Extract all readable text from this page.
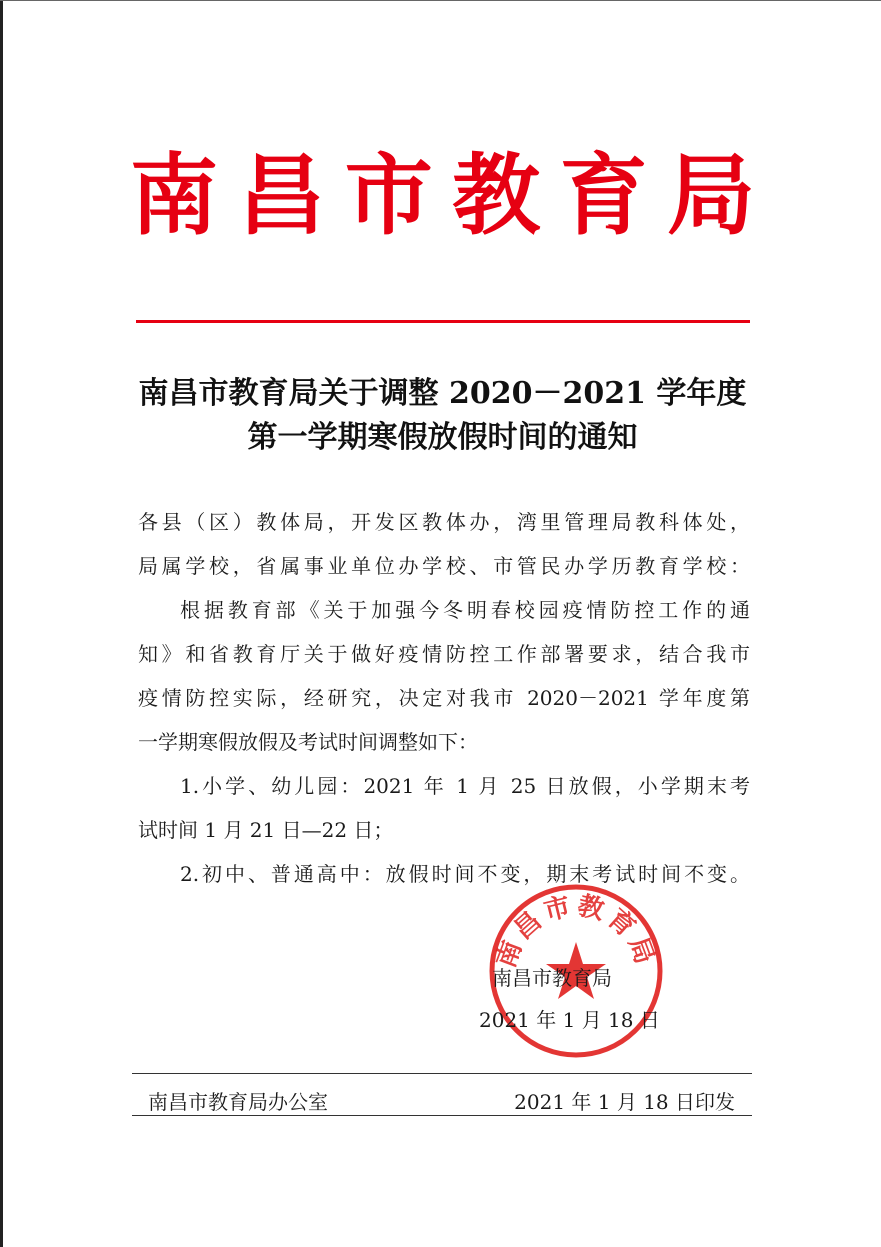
南昌市教育局
南昌市教育局关于调整 2020－2021 学年度
第一学期寒假放假时间的通知
各县（区）教体局，开发区教体办，湾里管理局教科体处，
局属学校，省属事业单位办学校、市管民办学历教育学校：
根据教育部《关于加强今冬明春校园疫情防控工作的通
知》和省教育厅关于做好疫情防控工作部署要求，结合我市
疫情防控实际，经研究，决定对我市 2020－2021 学年度第
一学期寒假放假及考试时间调整如下：
1.小学、幼儿园：2021 年 1 月 25 日放假，小学期末考
试时间 1 月 21 日—22 日；
2.初中、普通高中：放假时间不变，期末考试时间不变。
南昌市教育局
南昌市教育局
2021 年 1 月 18 日
南昌市教育局办公室	2021 年 1 月 18 日印发
